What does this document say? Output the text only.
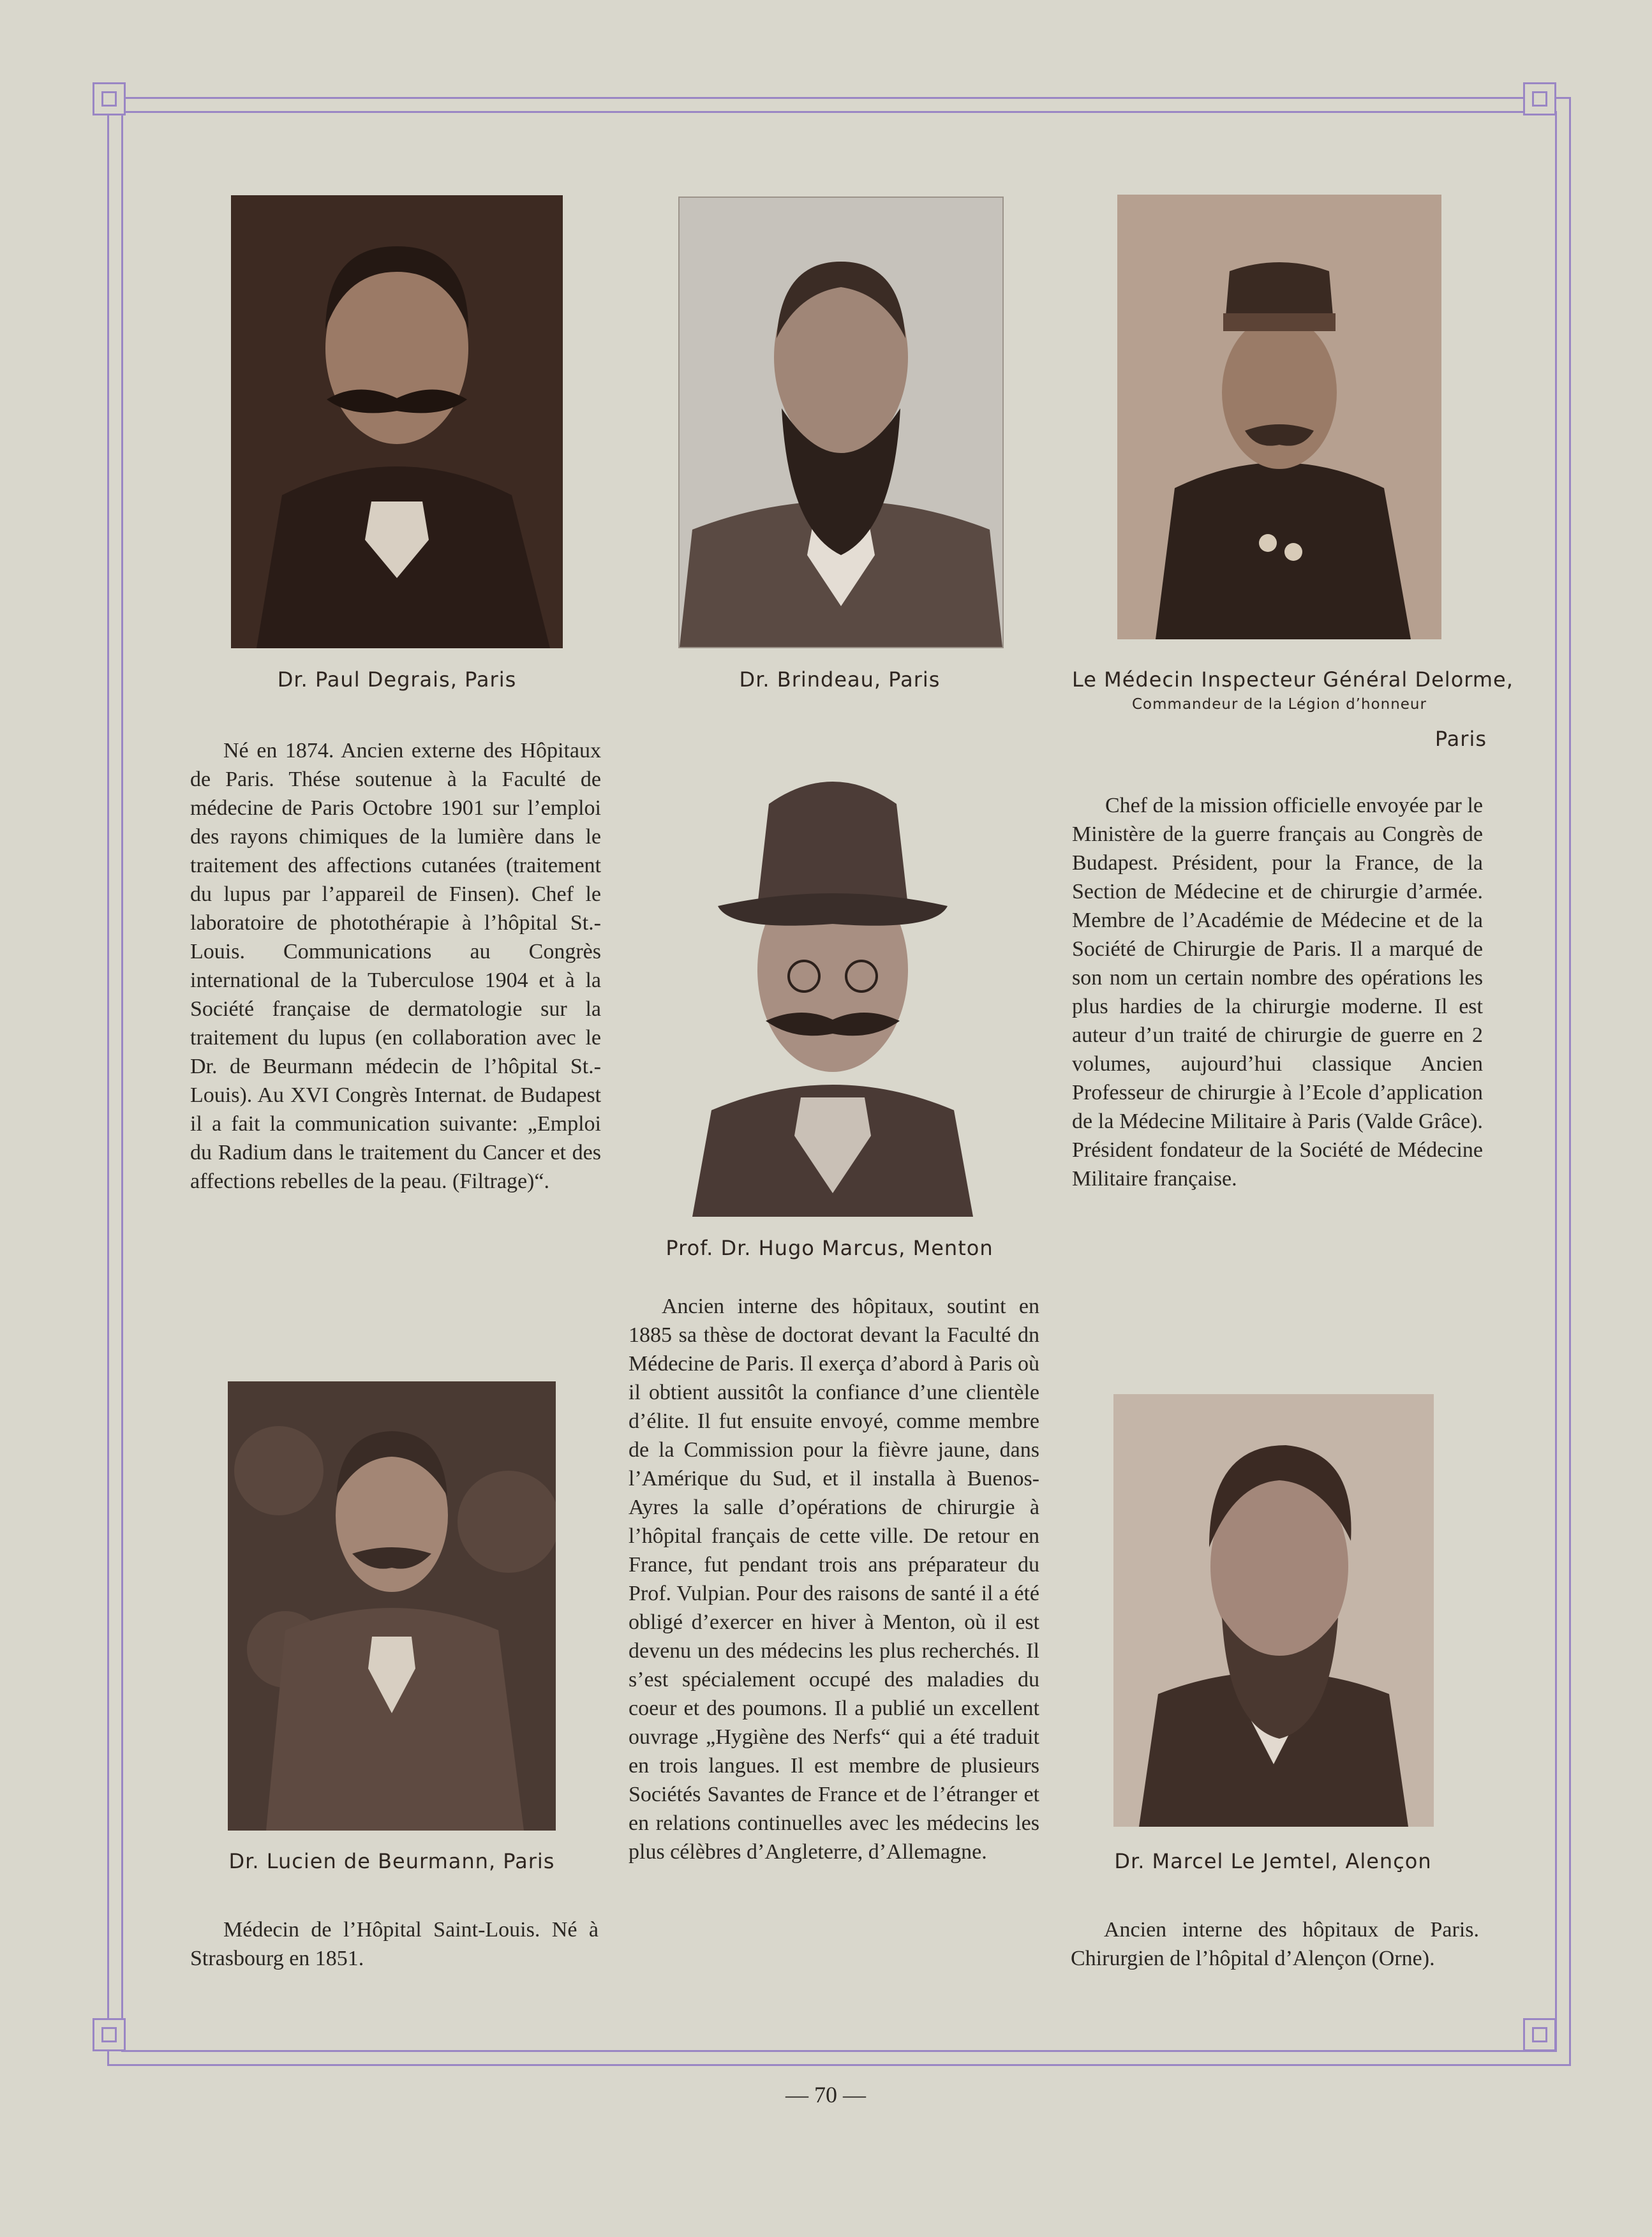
Dr. Paul Degrais, Paris	Dr. Brindeau, Paris	Le Médecin Inspecteur Général Delorme,
Commandeur de la Légion d’honneur
Paris
Prof. Dr. Hugo Marcus, Menton
Dr. Lucien de Beurmann, Paris	Dr. Marcel Le Jemtel, Alençon

Né en 1874. Ancien externe des Hôpitaux de Paris. Thése soutenue à la Faculté de médecine de Paris Octobre 1901 sur l’emploi des rayons chimiques de la lumière dans le traitement des affections cutanées (traitement du lupus par l’appareil de Finsen). Chef le laboratoire de photothérapie à l’hôpital St.-Louis. Communications au Congrès international de la Tuberculose 1904 et à la Société française de dermatologie sur la traitement du lupus (en collaboration avec le Dr. de Beurmann médecin de l’hôpital St.-Louis). Au XVI Congrès Internat. de Budapest il a fait la communication suivante: „Emploi du Radium dans le traitement du Cancer et des affections rebelles de la peau. (Filtrage)“.

Chef de la mission officielle envoyée par le Ministère de la guerre français au Congrès de Budapest. Président, pour la France, de la Section de Médecine et de chirurgie d’armée. Membre de l’Académie de Médecine et de la Société de Chirurgie de Paris. Il a marqué de son nom un certain nombre des opérations les plus hardies de la chirurgie moderne. Il est auteur d’un traité de chirurgie de guerre en 2 volumes, aujourd’hui classique Ancien Professeur de chirurgie à l’Ecole d’application de la Médecine Militaire à Paris (Valde Grâce). Président fondateur de la Société de Médecine Militaire française.

Ancien interne des hôpitaux, soutint en 1885 sa thèse de doctorat devant la Faculté dn Médecine de Paris. Il exerça d’abord à Paris où il obtient aussitôt la confiance d’une clientèle d’élite. Il fut ensuite envoyé, comme membre de la Commission pour la fièvre jaune, dans l’Amérique du Sud, et il installa à Buenos-Ayres la salle d’opérations de chirurgie à l’hôpital français de cette ville. De retour en France, fut pendant trois ans préparateur du Prof. Vulpian. Pour des raisons de santé il a été obligé d’exercer en hiver à Menton, où il est devenu un des médecins les plus recherchés. Il s’est spécialement occupé des maladies du coeur et des poumons. Il a publié un excellent ouvrage „Hygiène des Nerfs“ qui a été traduit en trois langues. Il est membre de plusieurs Sociétés Savantes de France et de l’étranger et en relations continuelles avec les médecins les plus célèbres d’Angleterre, d’Allemagne.

Médecin de l’Hôpital Saint-Louis. Né à Strasbourg en 1851.

Ancien interne des hôpitaux de Paris. Chirurgien de l’hôpital d’Alençon (Orne).

— 70 —
